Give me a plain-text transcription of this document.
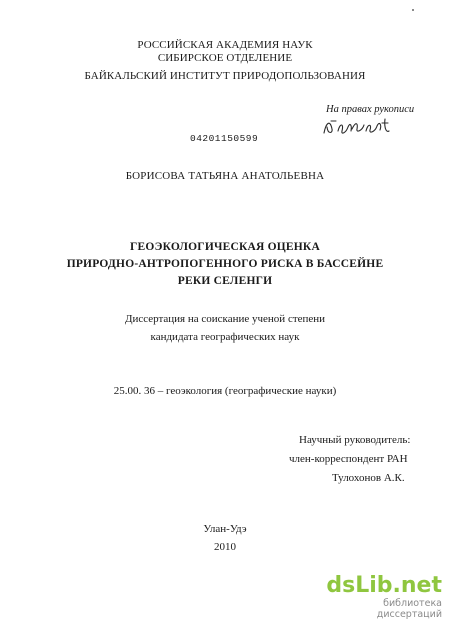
РОССИЙСКАЯ АКАДЕМИЯ НАУК
СИБИРСКОЕ ОТДЕЛЕНИЕ
БАЙКАЛЬСКИЙ ИНСТИТУТ ПРИРОДОПОЛЬЗОВАНИЯ
На правах рукописи
04201150599
БОРИСОВА ТАТЬЯНА АНАТОЛЬЕВНА
ГЕОЭКОЛОГИЧЕСКАЯ ОЦЕНКА
ПРИРОДНО-АНТРОПОГЕННОГО РИСКА В БАССЕЙНЕ
РЕКИ СЕЛЕНГИ
Диссертация на соискание ученой степени
кандидата географических наук
25.00. 36 – геоэкология (географические науки)
Научный руководитель:
член-корреспондент РАН
Тулохонов А.К.
Улан-Удэ
2010
dsLib.net
библиотека диссертаций
